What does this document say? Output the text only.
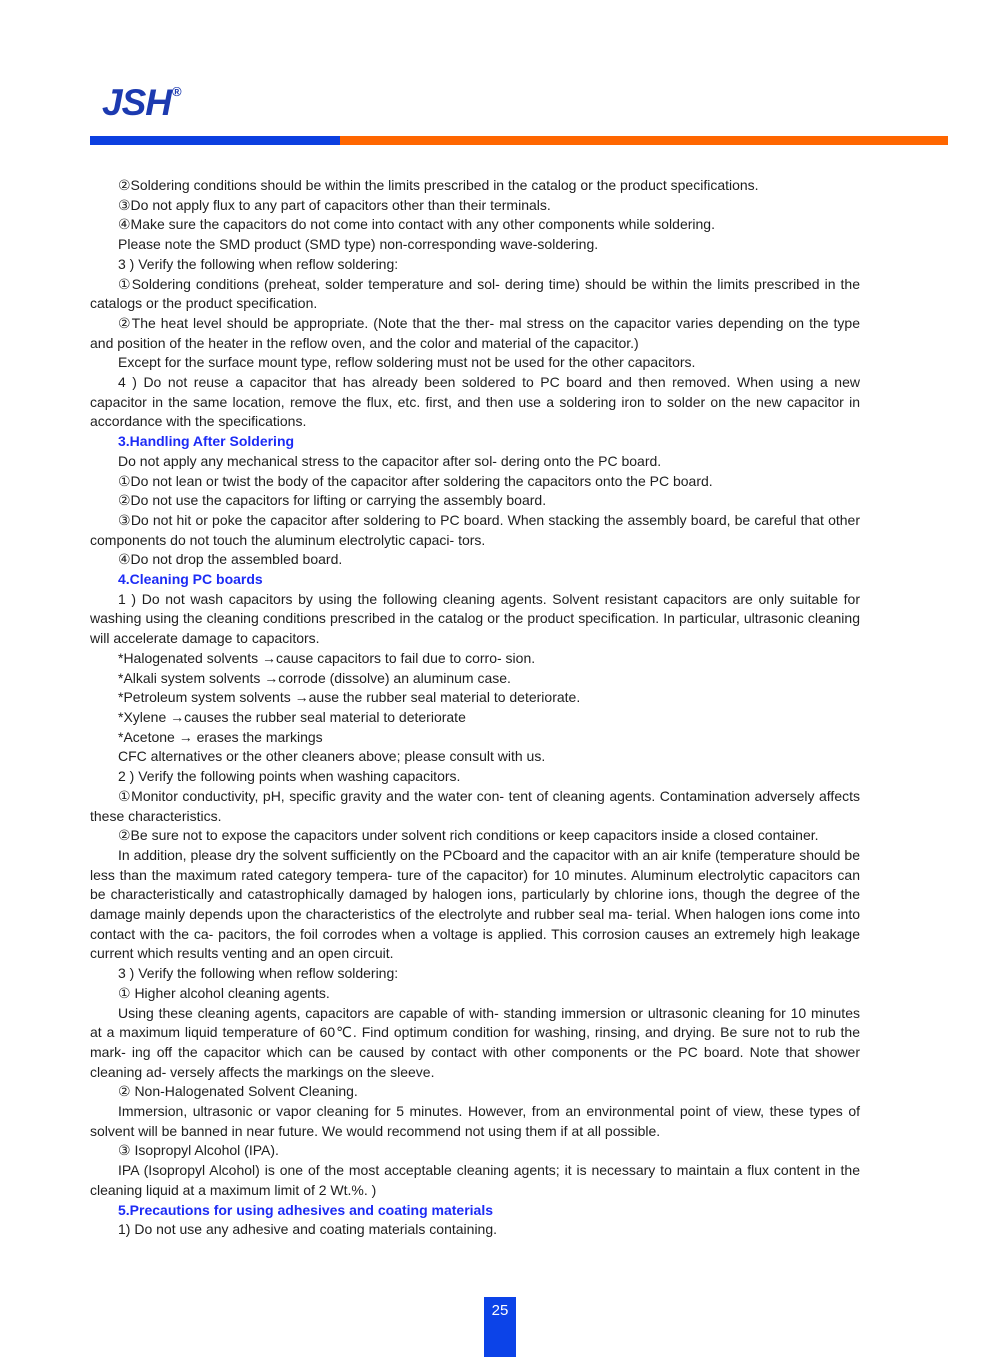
JSH®

②Soldering conditions should be within the limits prescribed in the catalog or the product specifications.

③Do not apply flux to any part of capacitors other than their terminals.

④Make sure the capacitors do not come into contact with any other components while soldering.

Please note the SMD product (SMD type) non-corresponding wave-soldering.

3 ) Verify the following when reflow soldering:

①Soldering conditions (preheat, solder temperature and sol- dering time) should be within the limits prescribed in the catalogs or the product specification.

②The heat level should be appropriate. (Note that the ther- mal stress on the capacitor varies depending on the type and position of the heater in the reflow oven, and the color and material of the capacitor.)

Except for the surface mount type, reflow soldering must not be used for the other capacitors.

4 ) Do not reuse a capacitor that has already been soldered to PC board and then removed. When using a new capacitor in the same location, remove the flux, etc. first, and then use a soldering iron to solder on the new capacitor in accordance with the specifications.

3.Handling After Soldering

Do not apply any mechanical stress to the capacitor after sol- dering onto the PC board.

①Do not lean or twist the body of the capacitor after soldering the capacitors onto the PC board.

②Do not use the capacitors for lifting or carrying the assembly board.

③Do not hit or poke the capacitor after soldering to PC board. When stacking the assembly board, be careful that other components do not touch the aluminum electrolytic capaci- tors.

④Do not drop the assembled board.

4.Cleaning PC boards

1 ) Do not wash capacitors by using the following cleaning agents. Solvent resistant capacitors are only suitable for washing using the cleaning conditions prescribed in the catalog or the product specification. In particular, ultrasonic cleaning will accelerate damage to capacitors.

*Halogenated solvents →cause capacitors to fail due to corro- sion.

*Alkali system solvents →corrode (dissolve) an aluminum case.

*Petroleum system solvents →ause the rubber seal material to deteriorate.

*Xylene →causes the rubber seal material to deteriorate

*Acetone → erases the markings

CFC alternatives or the other cleaners above; please consult with us.

2 ) Verify the following points when washing capacitors.

①Monitor conductivity, pH, specific gravity and the water con- tent of cleaning agents. Contamination adversely affects these characteristics.

②Be sure not to expose the capacitors under solvent rich conditions or keep capacitors inside a closed container.

In addition, please dry the solvent sufficiently on the PCboard and the capacitor with an air knife (temperature should be less than the maximum rated category tempera- ture of the capacitor) for 10 minutes. Aluminum electrolytic capacitors can be characteristically and catastrophically damaged by halogen ions, particularly by chlorine ions, though the degree of the damage mainly depends upon the characteristics of the electrolyte and rubber seal ma- terial. When halogen ions come into contact with the ca- pacitors, the foil corrodes when a voltage is applied. This corrosion causes an extremely high leakage current which results venting and an open circuit.

3 ) Verify the following when reflow soldering:

① Higher alcohol cleaning agents.

Using these cleaning agents, capacitors are capable of with- standing immersion or ultrasonic cleaning for 10 minutes at a maximum liquid temperature of 60℃. Find optimum condition for washing, rinsing, and drying. Be sure not to rub the mark- ing off the capacitor which can be caused by contact with other components or the PC board. Note that shower cleaning ad- versely affects the markings on the sleeve.

② Non-Halogenated Solvent Cleaning.

Immersion, ultrasonic or vapor cleaning for 5 minutes. However, from an environmental point of view, these types of solvent will be banned in near future. We would recommend not using them if at all possible.

③ Isopropyl Alcohol (IPA).

IPA (Isopropyl Alcohol) is one of the most acceptable cleaning agents; it is necessary to maintain a flux content in the cleaning liquid at a maximum limit of 2 Wt.%. )

5.Precautions for using adhesives and coating materials

1) Do not use any adhesive and coating materials containing.

25
